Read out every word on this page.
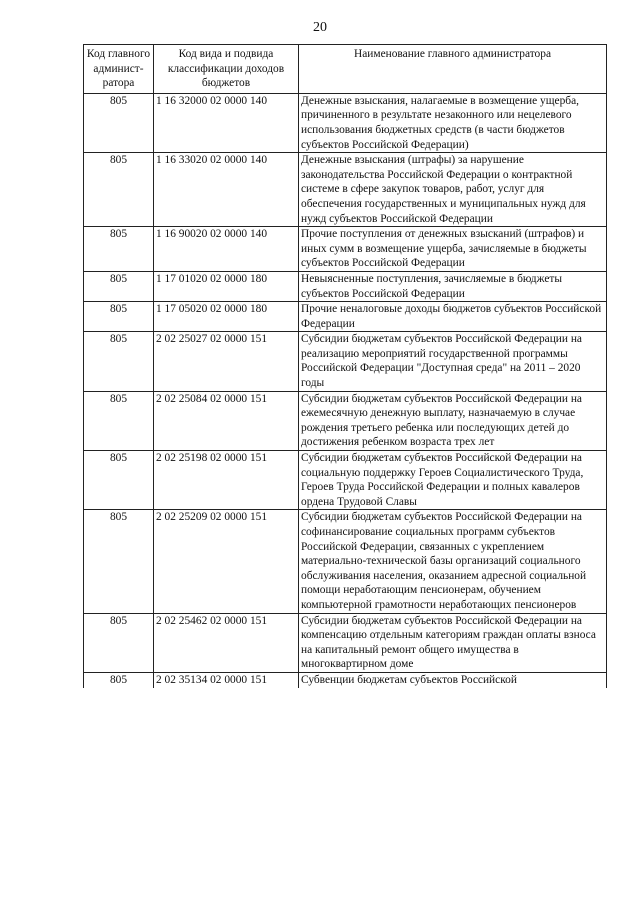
20
Код главного админист-ратора	Код вида и подвида классификации доходов бюджетов	Наименование главного администратора
805	1 16 32000 02 0000 140	Денежные взыскания, налагаемые в возмещение ущерба, причиненного в результате незаконного или нецелевого использования бюджетных средств (в части бюджетов субъектов Российской Федерации)
805	1 16 33020 02 0000 140	Денежные взыскания (штрафы) за нарушение законодательства Российской Федерации о контрактной системе в сфере закупок товаров, работ, услуг для обеспечения государственных и муниципальных нужд для нужд субъектов Российской Федерации
805	1 16 90020 02 0000 140	Прочие поступления от денежных взысканий (штрафов) и иных сумм в возмещение ущерба, зачисляемые в бюджеты субъектов Российской Федерации
805	1 17 01020 02 0000 180	Невыясненные поступления, зачисляемые в бюджеты субъектов Российской Федерации
805	1 17 05020 02 0000 180	Прочие неналоговые доходы бюджетов субъектов Российской Федерации
805	2 02 25027 02 0000 151	Субсидии бюджетам субъектов Российской Федерации на реализацию мероприятий государственной программы Российской Федерации "Доступная среда" на 2011 – 2020 годы
805	2 02 25084 02 0000 151	Субсидии бюджетам субъектов Российской Федерации на ежемесячную денежную выплату, назначаемую в случае рождения третьего ребенка или последующих детей до достижения ребенком возраста трех лет
805	2 02 25198 02 0000 151	Субсидии бюджетам субъектов Российской Федерации на социальную поддержку Героев Социалистического Труда, Героев Труда Российской Федерации и полных кавалеров ордена Трудовой Славы
805	2 02 25209 02 0000 151	Субсидии бюджетам субъектов Российской Федерации на софинансирование социальных программ субъектов Российской Федерации, связанных с укреплением материально-технической базы организаций социального обслуживания населения, оказанием адресной социальной помощи неработающим пенсионерам, обучением компьютерной грамотности неработающих пенсионеров
805	2 02 25462 02 0000 151	Субсидии бюджетам субъектов Российской Федерации на компенсацию отдельным категориям граждан оплаты взноса на капитальный ремонт общего имущества в многоквартирном доме
805	2 02 35134 02 0000 151	Субвенции бюджетам субъектов Российской
